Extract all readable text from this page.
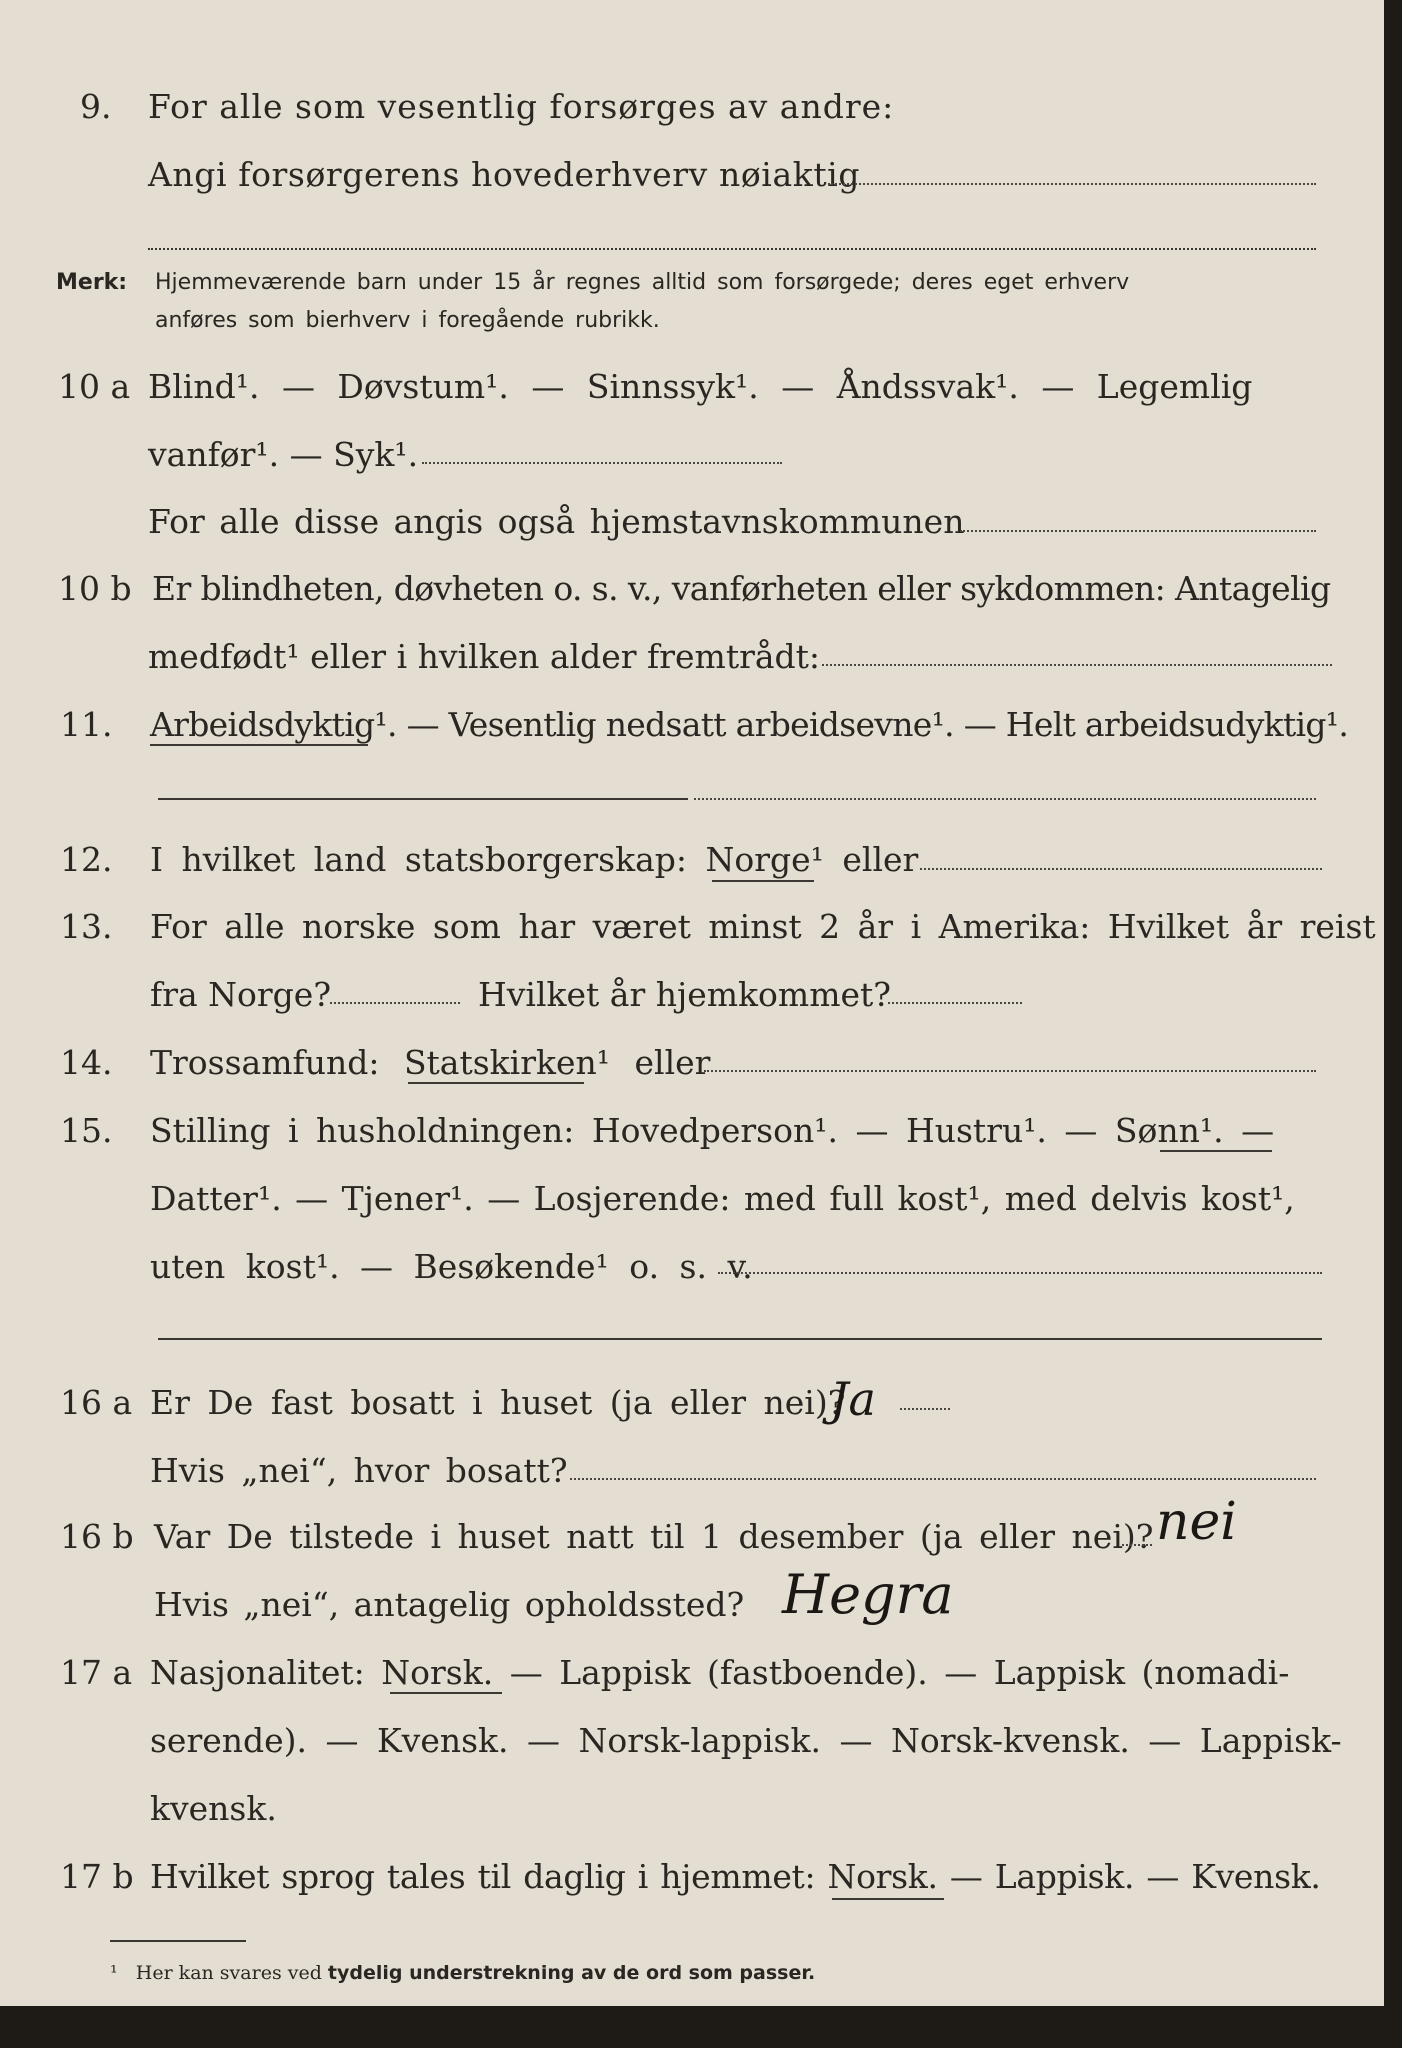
9. For alle som vesentlig forsørges av andre:
Angi forsørgerens hovederhverv nøiaktig
Merk: Hjemmeværende barn under 15 år regnes alltid som forsørgede; deres eget erhverv
anføres som bierhverv i foregående rubrikk.
10 a Blind¹. — Døvstum¹. — Sinnssyk¹. — Åndssvak¹. — Legemlig
vanfør¹. — Syk¹.
For alle disse angis også hjemstavnskommunen
10 b Er blindheten, døvheten o. s. v., vanførheten eller sykdommen: Antagelig
medfødt¹ eller i hvilken alder fremtrådt:
11. Arbeidsdyktig¹. — Vesentlig nedsatt arbeidsevne¹. — Helt arbeidsudyktig¹.
12. I hvilket land statsborgerskap: Norge¹ eller
13. For alle norske som har været minst 2 år i Amerika: Hvilket år reist
fra Norge?	Hvilket år hjemkommet?
14. Trossamfund: Statskirken¹ eller
15. Stilling i husholdningen: Hovedperson¹. — Hustru¹. — Sønn¹. —
Datter¹. — Tjener¹. — Losjerende: med full kost¹, med delvis kost¹,
uten kost¹. — Besøkende¹ o. s. v.
16 a Er De fast bosatt i huset (ja eller nei)?
Ja
Hvis „nei“, hvor bosatt?
16 b Var De tilstede i huset natt til 1 desember (ja eller nei)? nei
Hvis „nei“, antagelig opholdssted? Hegra
17 a Nasjonalitet: Norsk. — Lappisk (fastboende). — Lappisk (nomadi-
serende). — Kvensk. — Norsk-lappisk. — Norsk-kvensk. — Lappisk-
kvensk.
17 b Hvilket sprog tales til daglig i hjemmet: Norsk. — Lappisk. — Kvensk.
¹ Her kan svares ved tydelig understrekning av de ord som passer.
